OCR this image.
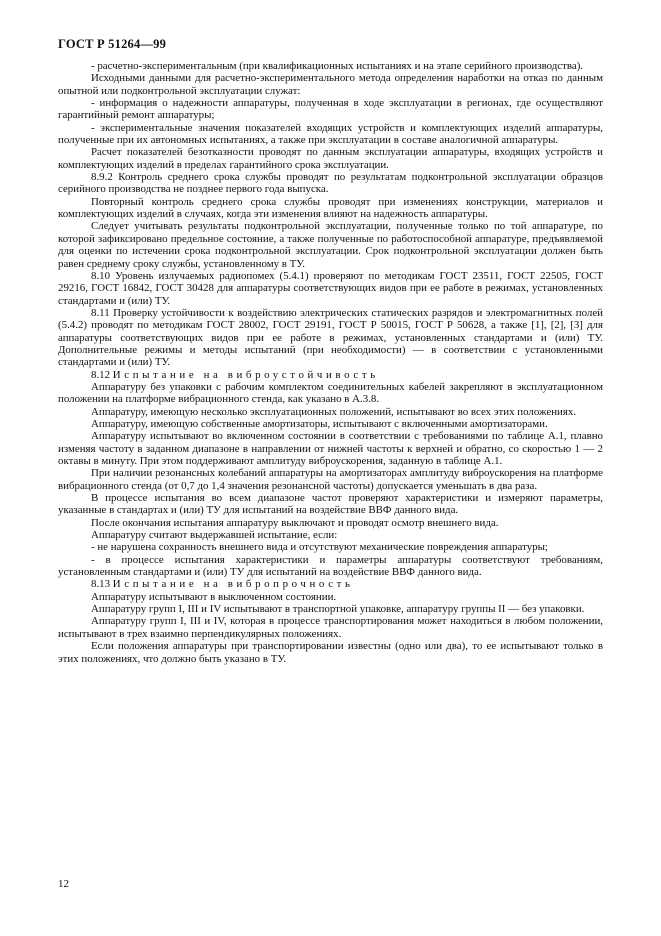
ГОСТ Р 51264—99

- расчетно-экспериментальным (при квалификационных испытаниях и на этапе серийного производства).

Исходными данными для расчетно-экспериментального метода определения наработки на отказ по данным опытной или подконтрольной эксплуатации служат:

- информация о надежности аппаратуры, полученная в ходе эксплуатации в регионах, где осуществляют гарантийный ремонт аппаратуры;

- экспериментальные значения показателей входящих устройств и комплектующих изделий аппаратуры, полученные при их автономных испытаниях, а также при эксплуатации в составе аналогичной аппаратуры.

Расчет показателей безотказности проводят по данным эксплуатации аппаратуры, входящих устройств и комплектующих изделий в пределах гарантийного срока эксплуатации.

8.9.2 Контроль среднего срока службы проводят по результатам подконтрольной эксплуатации образцов серийного производства не позднее первого года выпуска.

Повторный контроль среднего срока службы проводят при изменениях конструкции, материалов и комплектующих изделий в случаях, когда эти изменения влияют на надежность аппаратуры.

Следует учитывать результаты подконтрольной эксплуатации, полученные только по той аппаратуре, по которой зафиксировано предельное состояние, а также полученные по работоспособной аппаратуре, предъявляемой для оценки по истечении срока подконтрольной эксплуатации. Срок подконтрольной эксплуатации должен быть равен среднему сроку службы, установленному в ТУ.

8.10 Уровень излучаемых радиопомех (5.4.1) проверяют по методикам ГОСТ 23511, ГОСТ 22505, ГОСТ 29216, ГОСТ 16842, ГОСТ 30428 для аппаратуры соответствующих видов при ее работе в режимах, установленных стандартами и (или) ТУ.

8.11 Проверку устойчивости к воздействию электрических статических разрядов и электромагнитных полей (5.4.2) проводят по методикам ГОСТ 28002, ГОСТ 29191, ГОСТ Р 50015, ГОСТ Р 50628, а также [1], [2], [3] для аппаратуры соответствующих видов при ее работе в режимах, установленных стандартами и (или) ТУ. Дополнительные режимы и методы испытаний (при необходимости) — в соответствии с установленными стандартами и (или) ТУ.

8.12 Испытание на виброустойчивость

Аппаратуру без упаковки с рабочим комплектом соединительных кабелей закрепляют в эксплуатационном положении на платформе вибрационного стенда, как указано в А.3.8.

Аппаратуру, имеющую несколько эксплуатационных положений, испытывают во всех этих положениях.

Аппаратуру, имеющую собственные амортизаторы, испытывают с включенными амортизаторами.

Аппаратуру испытывают во включенном состоянии в соответствии с требованиями по таблице А.1, плавно изменяя частоту в заданном диапазоне в направлении от нижней частоты к верхней и обратно, со скоростью 1 — 2 октавы в минуту. При этом поддерживают амплитуду виброускорения, заданную в таблице А.1.

При наличии резонансных колебаний аппаратуры на амортизаторах амплитуду виброускорения на платформе вибрационного стенда (от 0,7 до 1,4 значения резонансной частоты) допускается уменьшать в два раза.

В процессе испытания во всем диапазоне частот проверяют характеристики и измеряют параметры, указанные в стандартах и (или) ТУ для испытаний на воздействие ВВФ данного вида.

После окончания испытания аппаратуру выключают и проводят осмотр внешнего вида.

Аппаратуру считают выдержавшей испытание, если:

- не нарушена сохранность внешнего вида и отсутствуют механические повреждения аппаратуры;

- в процессе испытания характеристики и параметры аппаратуры соответствуют требованиям, установленным стандартами и (или) ТУ для испытаний на воздействие ВВФ данного вида.

8.13 Испытание на вибропрочность

Аппаратуру испытывают в выключенном состоянии.

Аппаратуру групп I, III и IV испытывают в транспортной упаковке, аппаратуру группы II — без упаковки.

Аппаратуру групп I, III и IV, которая в процессе транспортирования может находиться в любом положении, испытывают в трех взаимно перпендикулярных положениях.

Если положения аппаратуры при транспортировании известны (одно или два), то ее испытывают только в этих положениях, что должно быть указано в ТУ.

12
